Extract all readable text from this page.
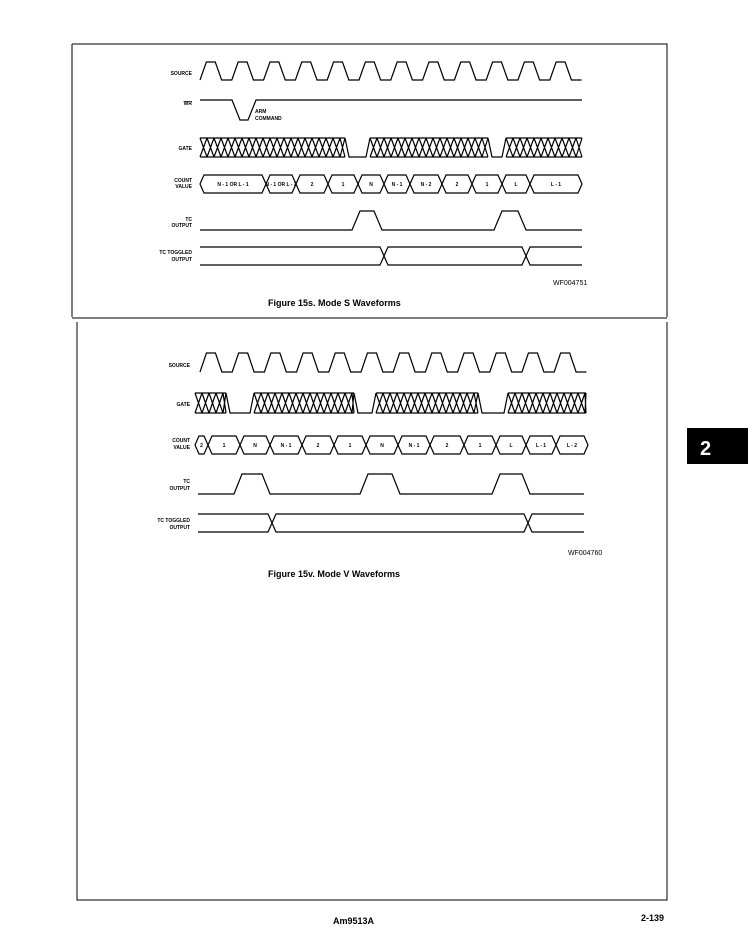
SOURCE
WR
ARM
COMMAND
GATE
COUNT
VALUE	N - 1 OR L - 1	N - 1 OR L - 2	2	1	N	N - 1	N - 2	2	1	L	L - 1
TC
OUTPUT
TC TOGGLED
OUTPUT
WF004751
Figure 15s. Mode S Waveforms
SOURCE
GATE
COUNT
VALUE 2	1	N	N - 1	2	1	N	N - 1	2	1	L	L - 1	L - 2
TC
OUTPUT
TC TOGGLED
OUTPUT
WF004760
Figure 15v. Mode V Waveforms
2
Am9513A	2-139
